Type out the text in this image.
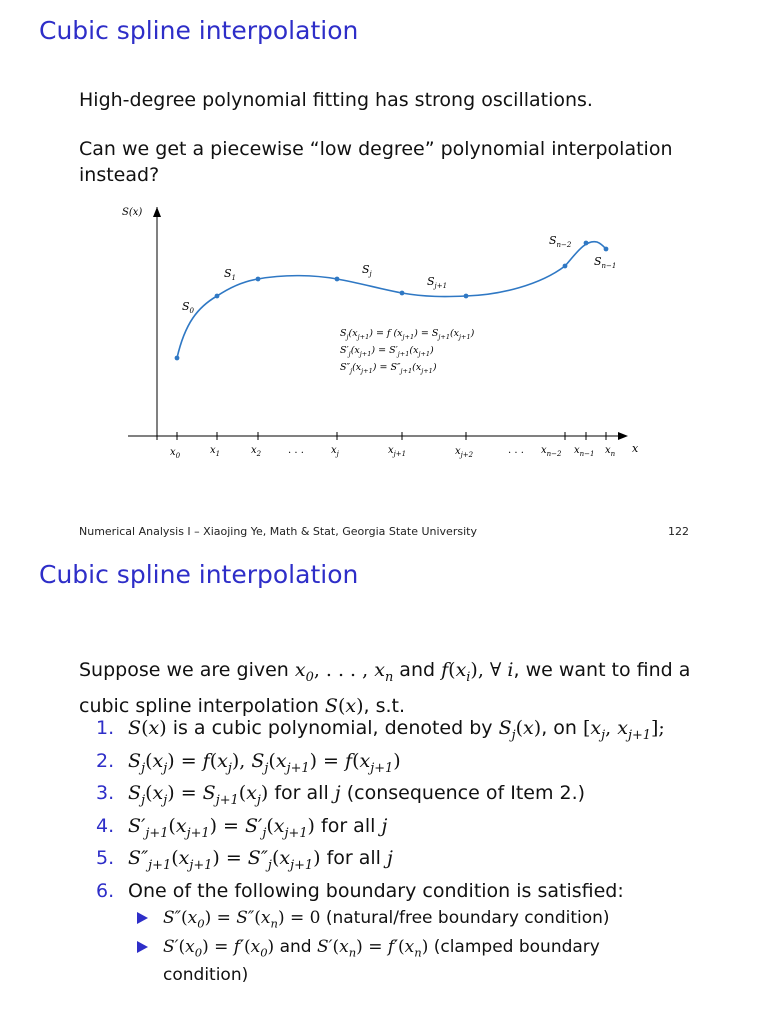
Cubic spline interpolation
High-degree polynomial fitting has strong oscillations.
Can we get a piecewise “low degree” polynomial interpolation instead?
S(x)
x
$x_0$	$x_1$	$x_2$	. . .	$x_j$	$x_{j+1}$	$x_{j+2}$	. . . $x_{n-2}$ $x_{n-1}$ $x_n$
$S_0$
$S_1$
$S_j$
$S_{j+1}$
$S_{n-2}$
$S_{n-1}$
$S_j(x_{j+1}) = f$ $(x_{j+1}) = S_{j+1}(x_{j+1})$
$S'_j(x_{j+1}) = S'_{j+1}(x_{j+1})$
$S''_j(x_{j+1}) = S''_{j+1}(x_{j+1})$
Numerical Analysis I – Xiaojing Ye, Math & Stat, Georgia State University	122
Cubic spline interpolation
Suppose we are given $x_0$, . . . , $x_n$ and $f(x_i)$, ∀ i, we want to find a
cubic spline interpolation S(x), s.t.
1. S(x) is a cubic polynomial, denoted by $S_j(x)$, on [$x_j$, $x_{j+1}$];
2. $S_j(x_j) = f(x_j)$, $S_j(x_{j+1}) = f(x_{j+1})$
3. $S_j(x_j) = S_{j+1}(x_j)$ for all j (consequence of Item 2.)
4. $S'_{j+1}(x_{j+1}) = S'_j(x_{j+1})$ for all j
5. $S''_{j+1}(x_{j+1}) = S''_j(x_{j+1})$ for all j
6. One of the following boundary condition is satisfied:
$S''(x_0) = S''(x_n) = 0$ (natural/free boundary condition)
$S'(x_0) = f'(x_0)$ and $S'(x_n) = f'(x_n)$ (clamped boundary condition)
